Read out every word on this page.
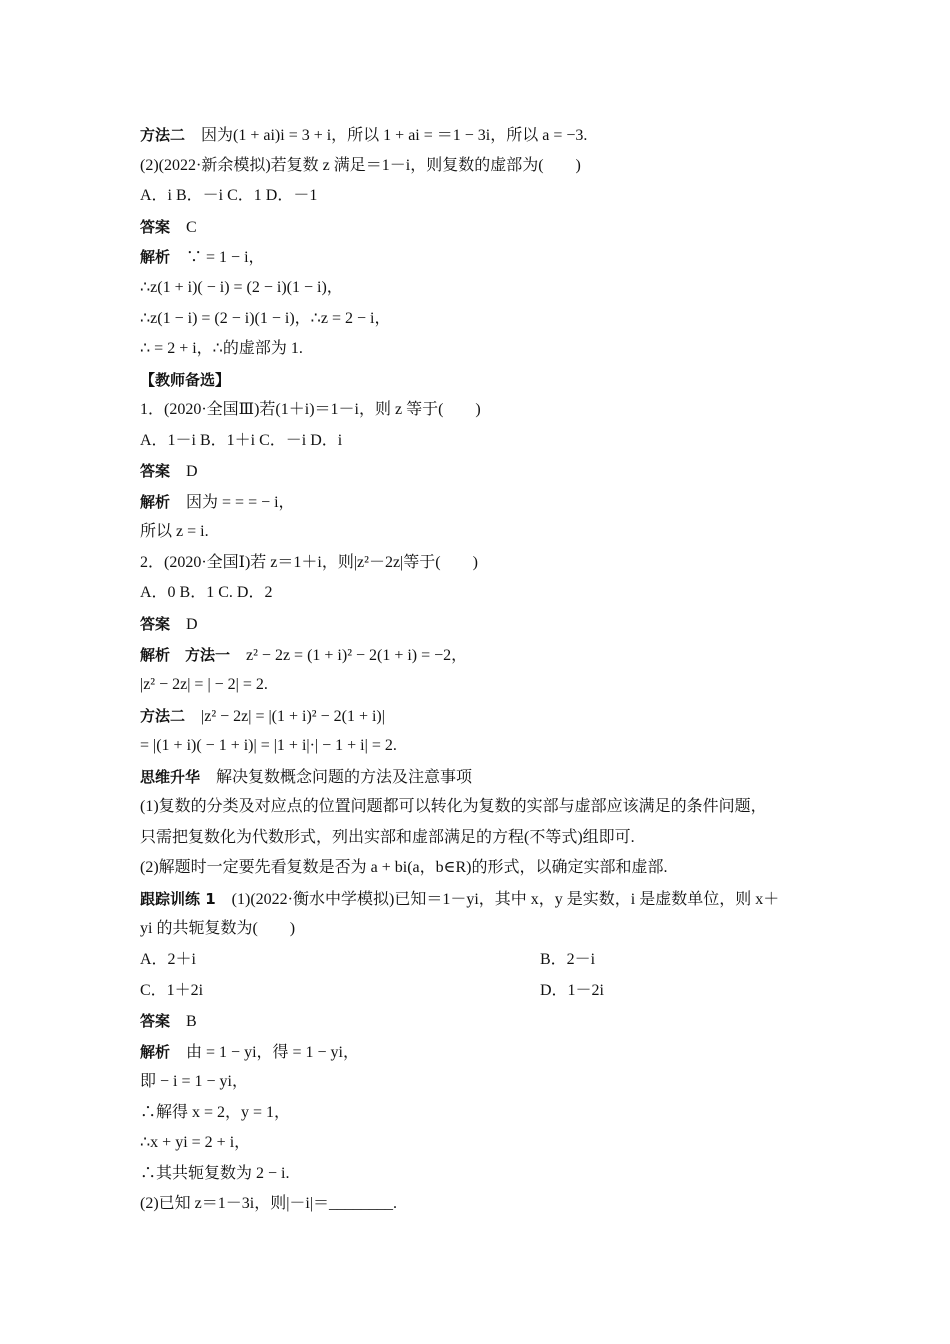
方法二　因为(1 + ai)i = 3 + i，所以 1 + ai = ＝1 − 3i，所以 a = −3.
(2)(2022·新余模拟)若复数 z 满足＝1－i，则复数的虚部为(　　)
A．i B．－i C．1 D．－1
答案　C
解析　∵ = 1 − i，
∴z(1 + i)( − i) = (2 − i)(1 − i)，
∴z(1 − i) = (2 − i)(1 − i)，∴z = 2 − i，
∴ = 2 + i，∴的虚部为 1.
【教师备选】
1．(2020·全国Ⅲ)若(1＋i)＝1－i，则 z 等于(　　)
A．1－i B．1＋i C．－i D．i
答案　D
解析　因为 = = = − i，
所以 z = i.
2．(2020·全国Ⅰ)若 z＝1＋i，则|z²－2z|等于(　　)
A．0 B．1 C. D．2
答案　D
解析　方法一　z² − 2z = (1 + i)² − 2(1 + i) = −2，
|z² − 2z| = | − 2| = 2.
方法二　|z² − 2z| = |(1 + i)² − 2(1 + i)|
= |(1 + i)( − 1 + i)| = |1 + i|·| − 1 + i| = 2.
思维升华　解决复数概念问题的方法及注意事项
(1)复数的分类及对应点的位置问题都可以转化为复数的实部与虚部应该满足的条件问题，
只需把复数化为代数形式，列出实部和虚部满足的方程(不等式)组即可.
(2)解题时一定要先看复数是否为 a + bi(a，b∈R)的形式，以确定实部和虚部.
跟踪训练 1　(1)(2022·衡水中学模拟)已知＝1－yi，其中 x，y 是实数，i 是虚数单位，则 x＋
yi 的共轭复数为(　　)
A．2＋i	B．2－i
C．1＋2i	D．1－2i
答案　B
解析　由 = 1 − yi，得 = 1 − yi，
即 − i = 1 − yi，
∴解得 x = 2，y = 1，
∴x + yi = 2 + i，
∴其共轭复数为 2 − i.
(2)已知 z＝1－3i，则|－i|＝________.
